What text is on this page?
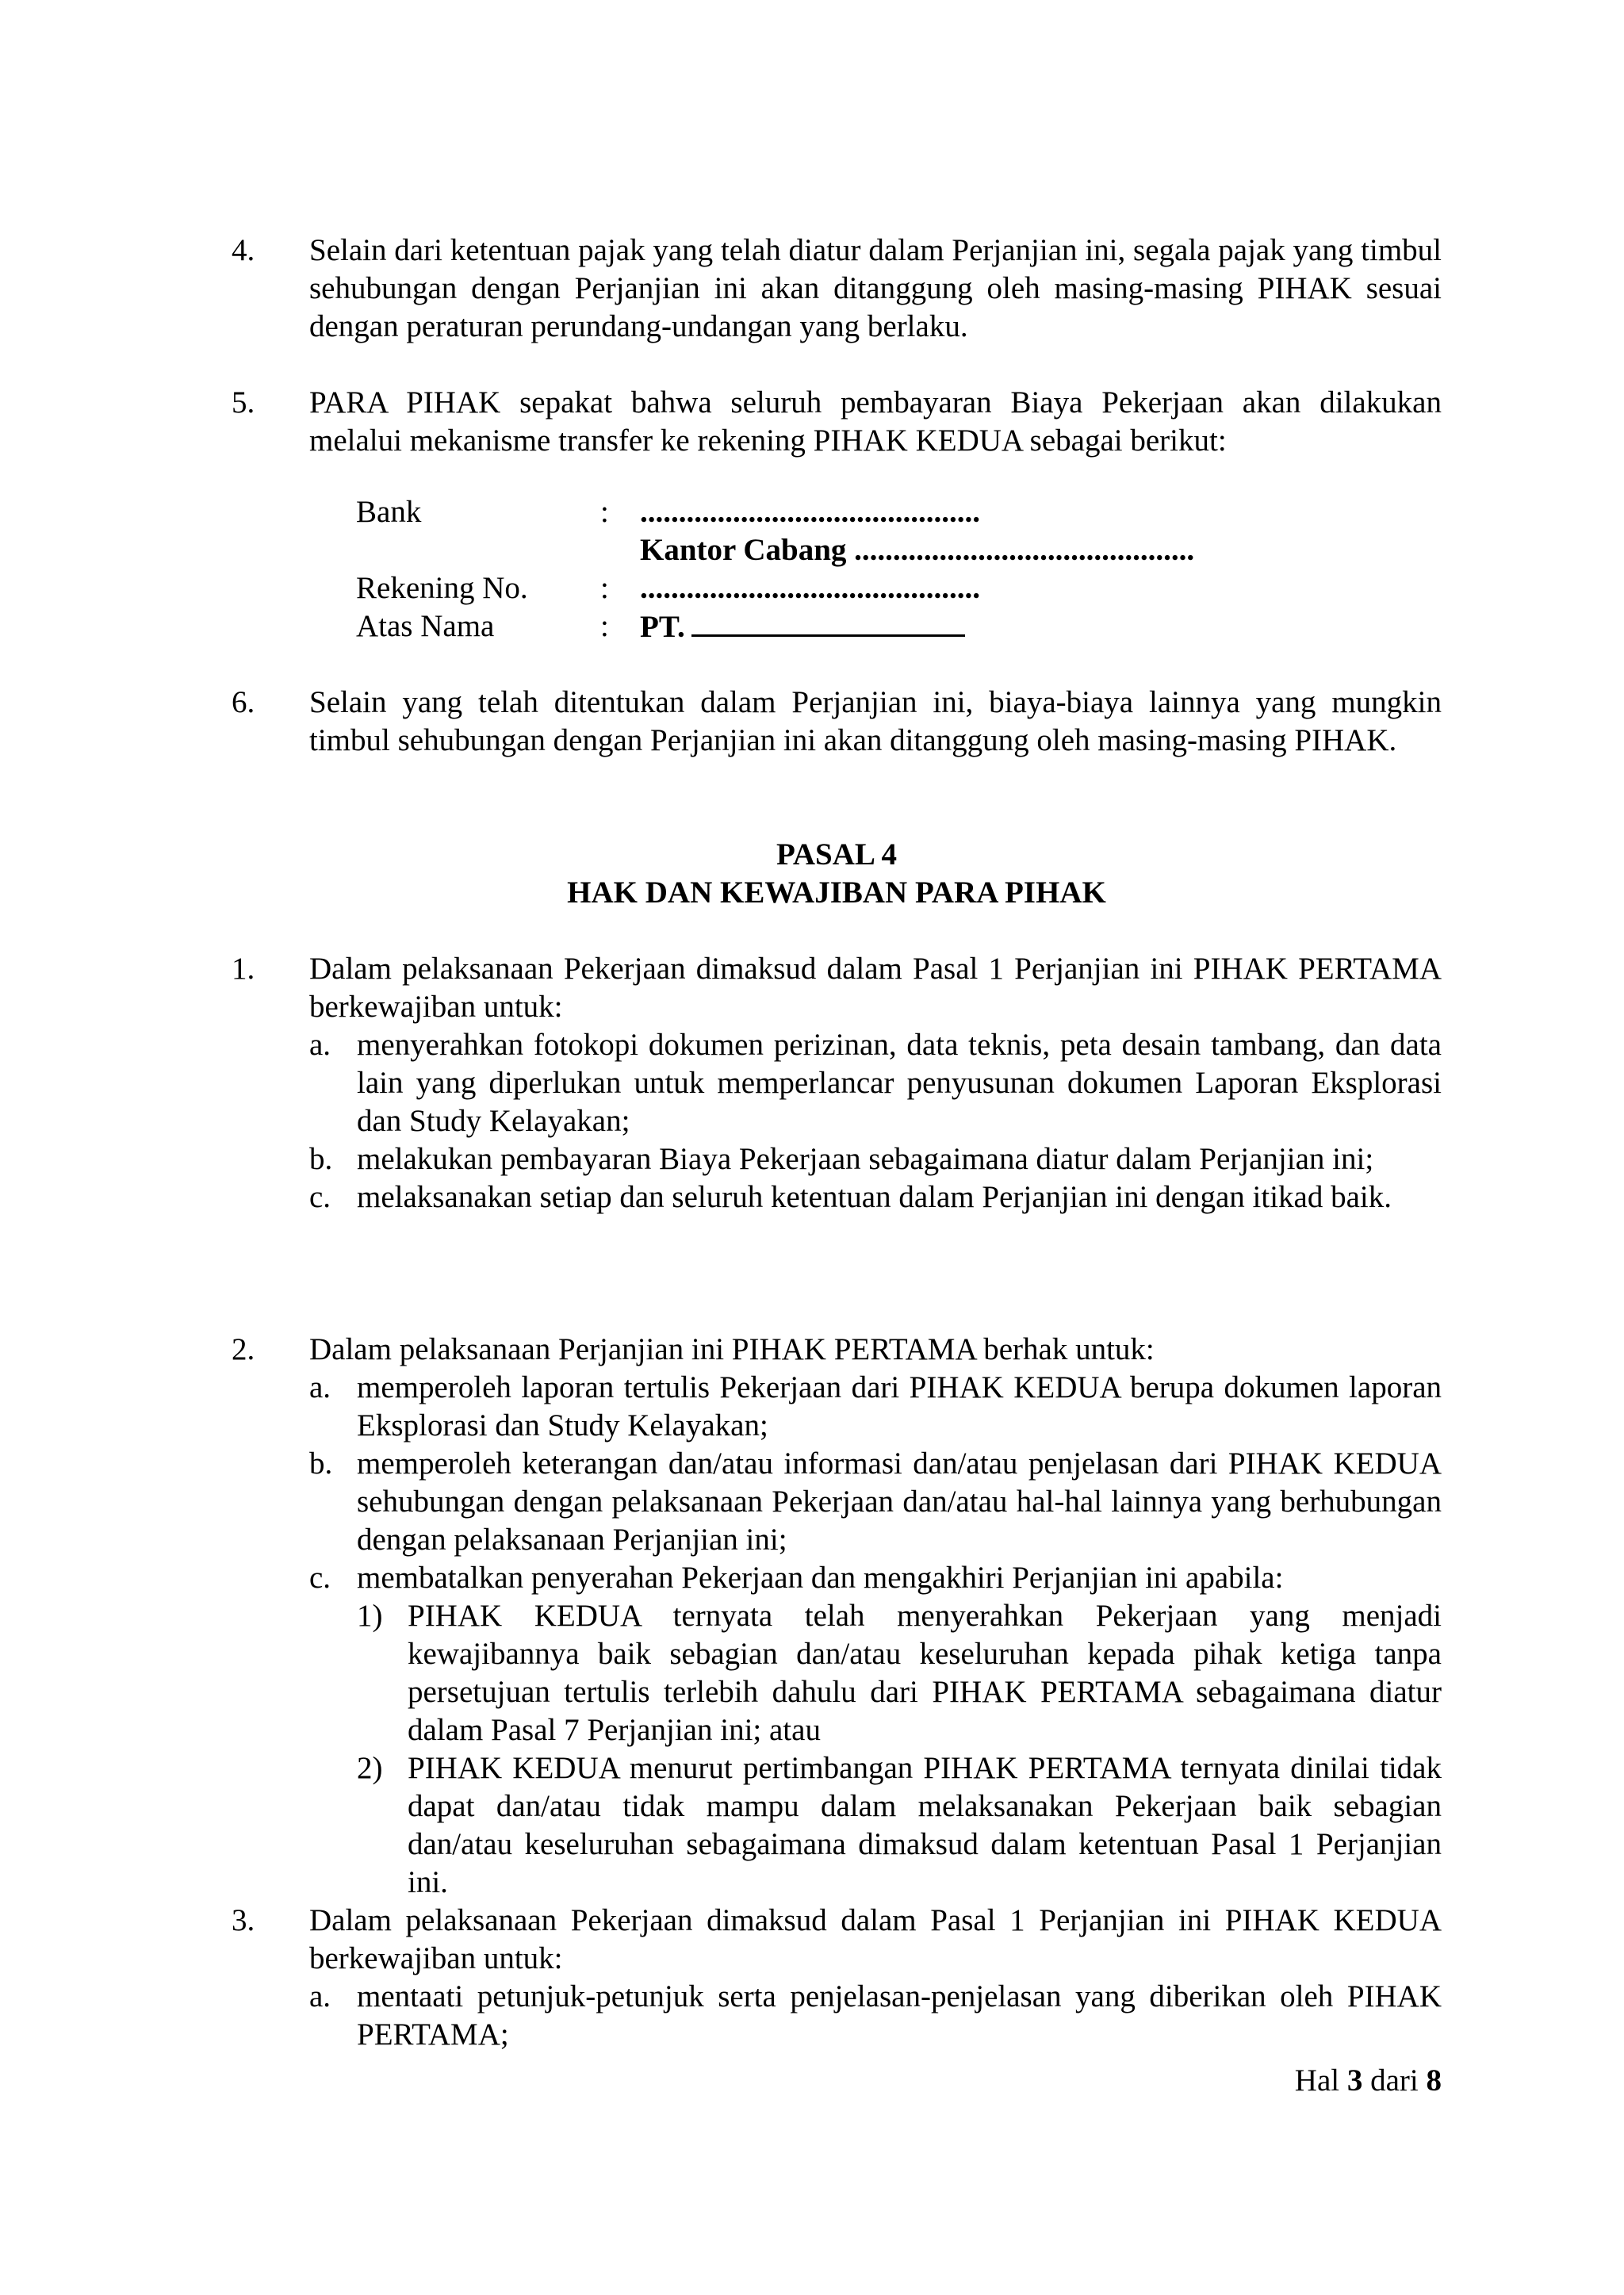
4. Selain dari ketentuan pajak yang telah diatur dalam Perjanjian ini, segala pajak yang timbul sehubungan dengan Perjanjian ini akan ditanggung oleh masing-masing PIHAK sesuai dengan peraturan perundang-undangan yang berlaku.

5. PARA PIHAK sepakat bahwa seluruh pembayaran Biaya Pekerjaan akan dilakukan melalui mekanisme transfer ke rekening PIHAK KEDUA sebagai berikut:

Bank	: ............................................
Kantor Cabang ............................................
Rekening No. : ............................................
Atas Nama	: PT.
6. Selain yang telah ditentukan dalam Perjanjian ini, biaya-biaya lainnya yang mungkin timbul sehubungan dengan Perjanjian ini akan ditanggung oleh masing-masing PIHAK.

PASAL 4
HAK DAN KEWAJIBAN PARA PIHAK
1. Dalam pelaksanaan Pekerjaan dimaksud dalam Pasal 1 Perjanjian ini PIHAK PERTAMA berkewajiban untuk:

a. menyerahkan fotokopi dokumen perizinan, data teknis, peta desain tambang, dan data lain yang diperlukan untuk memperlancar penyusunan dokumen Laporan Eksplorasi dan Study Kelayakan;

b. melakukan pembayaran Biaya Pekerjaan sebagaimana diatur dalam Perjanjian ini;

c. melaksanakan setiap dan seluruh ketentuan dalam Perjanjian ini dengan itikad baik.

2. Dalam pelaksanaan Perjanjian ini PIHAK PERTAMA berhak untuk:

a. memperoleh laporan tertulis Pekerjaan dari PIHAK KEDUA berupa dokumen laporan Eksplorasi dan Study Kelayakan;

b. memperoleh keterangan dan/atau informasi dan/atau penjelasan dari PIHAK KEDUA sehubungan dengan pelaksanaan Pekerjaan dan/atau hal-hal lainnya yang berhubungan dengan pelaksanaan Perjanjian ini;

c. membatalkan penyerahan Pekerjaan dan mengakhiri Perjanjian ini apabila:

1) PIHAK KEDUA ternyata telah menyerahkan Pekerjaan yang menjadi kewajibannya baik sebagian dan/atau keseluruhan kepada pihak ketiga tanpa persetujuan tertulis terlebih dahulu dari PIHAK PERTAMA sebagaimana diatur dalam Pasal 7 Perjanjian ini; atau

2) PIHAK KEDUA menurut pertimbangan PIHAK PERTAMA ternyata dinilai tidak dapat dan/atau tidak mampu dalam melaksanakan Pekerjaan baik sebagian dan/atau keseluruhan sebagaimana dimaksud dalam ketentuan Pasal 1 Perjanjian ini.

3. Dalam pelaksanaan Pekerjaan dimaksud dalam Pasal 1 Perjanjian ini PIHAK KEDUA berkewajiban untuk:

a. mentaati petunjuk-petunjuk serta penjelasan-penjelasan yang diberikan oleh PIHAK PERTAMA;

Hal 3 dari 8
